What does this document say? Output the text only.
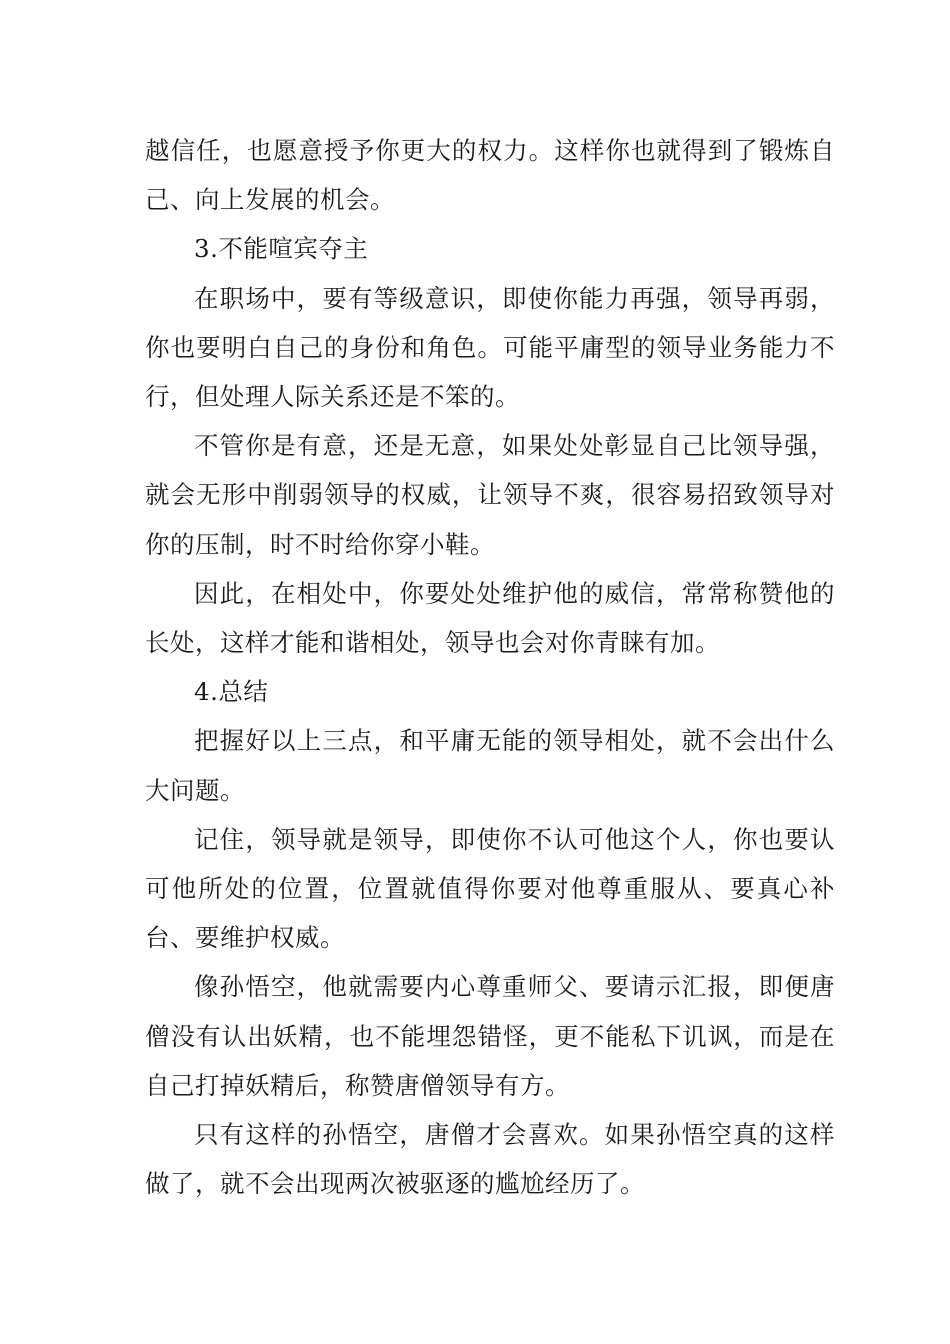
越信任，也愿意授予你更大的权力。这样你也就得到了锻炼自己、向上发展的机会。

3.不能喧宾夺主

在职场中，要有等级意识，即使你能力再强，领导再弱，你也要明白自己的身份和角色。可能平庸型的领导业务能力不行，但处理人际关系还是不笨的。

不管你是有意，还是无意，如果处处彰显自己比领导强，就会无形中削弱领导的权威，让领导不爽，很容易招致领导对你的压制，时不时给你穿小鞋。

因此，在相处中，你要处处维护他的威信，常常称赞他的长处，这样才能和谐相处，领导也会对你青睐有加。

4.总结

把握好以上三点，和平庸无能的领导相处，就不会出什么大问题。

记住，领导就是领导，即使你不认可他这个人，你也要认可他所处的位置，位置就值得你要对他尊重服从、要真心补台、要维护权威。

像孙悟空，他就需要内心尊重师父、要请示汇报，即便唐僧没有认出妖精，也不能埋怨错怪，更不能私下讥讽，而是在自己打掉妖精后，称赞唐僧领导有方。

只有这样的孙悟空，唐僧才会喜欢。如果孙悟空真的这样做了，就不会出现两次被驱逐的尴尬经历了。
